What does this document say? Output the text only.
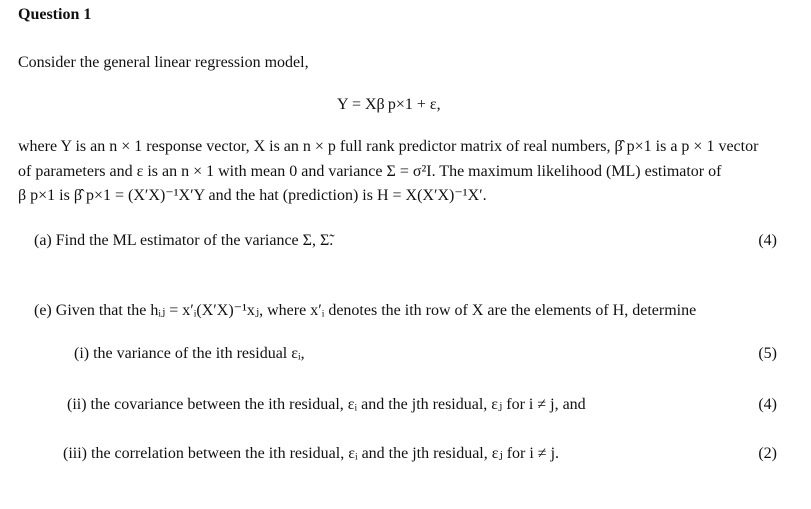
Question 1
Consider the general linear regression model,
Y = Xβ p×1 + ε,
where Y is an n × 1 response vector, X is an n × p full rank predictor matrix of real numbers, β̂ p×1 is a p × 1 vector
of parameters and ε is an n × 1 with mean 0 and variance Σ = σ²I. The maximum likelihood (ML) estimator of
β p×1 is β̂ p×1 = (X′X)⁻¹X′Y and the hat (prediction) is H = X(X′X)⁻¹X′.
(a) Find the ML estimator of the variance Σ, Σ̃.	(4)
(e) Given that the hᵢⱼ = x′ᵢ(X′X)⁻¹xⱼ, where x′ᵢ denotes the ith row of X are the elements of H, determine
(i) the variance of the ith residual εᵢ,	(5)
(ii) the covariance between the ith residual, εᵢ and the jth residual, εⱼ for i ≠ j, and	(4)
(iii) the correlation between the ith residual, εᵢ and the jth residual, εⱼ for i ≠ j.	(2)
